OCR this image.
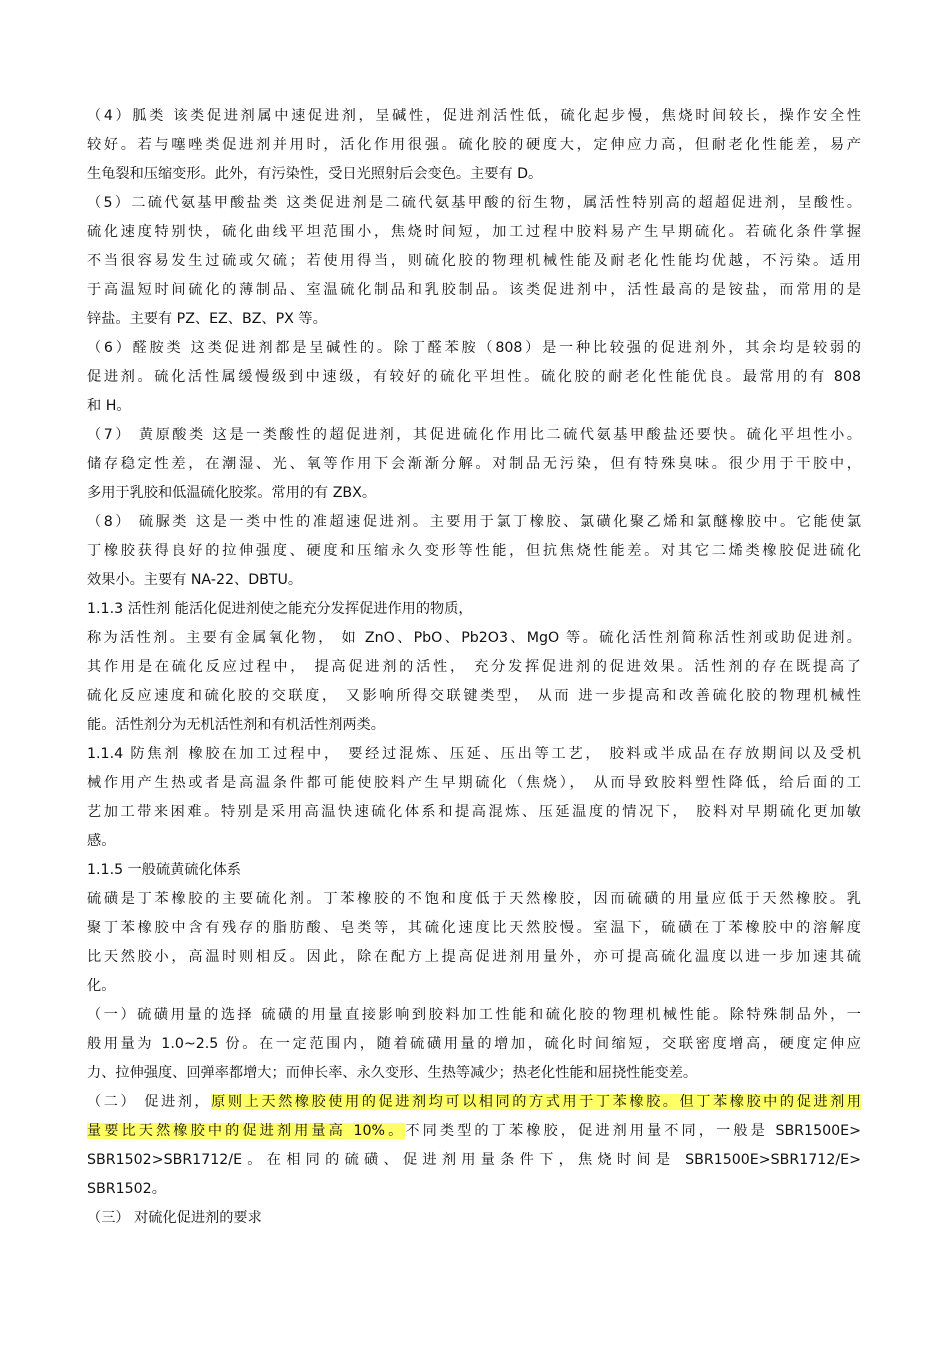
（4）胍类 该类促进剂属中速促进剂，呈碱性，促进剂活性低，硫化起步慢，焦烧时间较长，操作安全性
较好。若与噻唑类促进剂并用时，活化作用很强。硫化胶的硬度大，定伸应力高，但耐老化性能差，易产
生龟裂和压缩变形。此外，有污染性，受日光照射后会变色。主要有 D。
（5）二硫代氨基甲酸盐类 这类促进剂是二硫代氨基甲酸的衍生物，属活性特别高的超超促进剂，呈酸性。
硫化速度特别快，硫化曲线平坦范围小，焦烧时间短，加工过程中胶料易产生早期硫化。若硫化条件掌握
不当很容易发生过硫或欠硫；若使用得当，则硫化胶的物理机械性能及耐老化性能均优越，不污染。适用
于高温短时间硫化的薄制品、室温硫化制品和乳胶制品。该类促进剂中，活性最高的是铵盐，而常用的是
锌盐。主要有 PZ、EZ、BZ、PX 等。
（6）醛胺类 这类促进剂都是呈碱性的。除丁醛苯胺（808）是一种比较强的促进剂外，其余均是较弱的
促进剂。硫化活性属缓慢级到中速级，有较好的硫化平坦性。硫化胶的耐老化性能优良。最常用的有 808
和 H。
（7） 黄原酸类 这是一类酸性的超促进剂，其促进硫化作用比二硫代氨基甲酸盐还要快。硫化平坦性小。
储存稳定性差，在潮湿、光、氧等作用下会渐渐分解。对制品无污染，但有特殊臭味。很少用于干胶中，
多用于乳胶和低温硫化胶浆。常用的有 ZBX。
（8） 硫脲类 这是一类中性的准超速促进剂。主要用于氯丁橡胶、氯磺化聚乙烯和氯醚橡胶中。它能使氯
丁橡胶获得良好的拉伸强度、硬度和压缩永久变形等性能，但抗焦烧性能差。对其它二烯类橡胶促进硫化
效果小。主要有 NA-22、DBTU。
1.1.3 活性剂 能活化促进剂使之能充分发挥促进作用的物质，
称为活性剂。主要有金属氧化物， 如 ZnO、PbO、Pb2O3、MgO 等。硫化活性剂简称活性剂或助促进剂。
其作用是在硫化反应过程中， 提高促进剂的活性， 充分发挥促进剂的促进效果。活性剂的存在既提高了
硫化反应速度和硫化胶的交联度， 又影响所得交联键类型， 从而 进一步提高和改善硫化胶的物理机械性
能。活性剂分为无机活性剂和有机活性剂两类。
1.1.4 防焦剂 橡胶在加工过程中， 要经过混炼、压延、压出等工艺， 胶料或半成品在存放期间以及受机
械作用产生热或者是高温条件都可能使胶料产生早期硫化（焦烧）， 从而导致胶料塑性降低，给后面的工
艺加工带来困难。特别是采用高温快速硫化体系和提高混炼、压延温度的情况下， 胶料对早期硫化更加敏
感。
1.1.5 一般硫黄硫化体系
硫磺是丁苯橡胶的主要硫化剂。丁苯橡胶的不饱和度低于天然橡胶，因而硫磺的用量应低于天然橡胶。乳
聚丁苯橡胶中含有残存的脂肪酸、皂类等，其硫化速度比天然胶慢。室温下，硫磺在丁苯橡胶中的溶解度
比天然胶小，高温时则相反。因此，除在配方上提高促进剂用量外，亦可提高硫化温度以进一步加速其硫
化。
（一）硫磺用量的选择 硫磺的用量直接影响到胶料加工性能和硫化胶的物理机械性能。除特殊制品外，一
般用量为 1.0~2.5 份。在一定范围内，随着硫磺用量的增加，硫化时间缩短，交联密度增高，硬度定伸应
力、拉伸强度、回弹率都增大；而伸长率、永久变形、生热等减少；热老化性能和屈挠性能变差。
（二） 促进剂，原则上天然橡胶使用的促进剂均可以相同的方式用于丁苯橡胶。但丁苯橡胶中的促进剂用
量要比天然橡胶中的促进剂用量高 10%。不同类型的丁苯橡胶，促进剂用量不同，一般是 SBR1500E>
SBR1502>SBR1712/E。在相同的硫磺、促进剂用量条件下，焦烧时间是 SBR1500E>SBR1712/E>
SBR1502。
（三） 对硫化促进剂的要求
